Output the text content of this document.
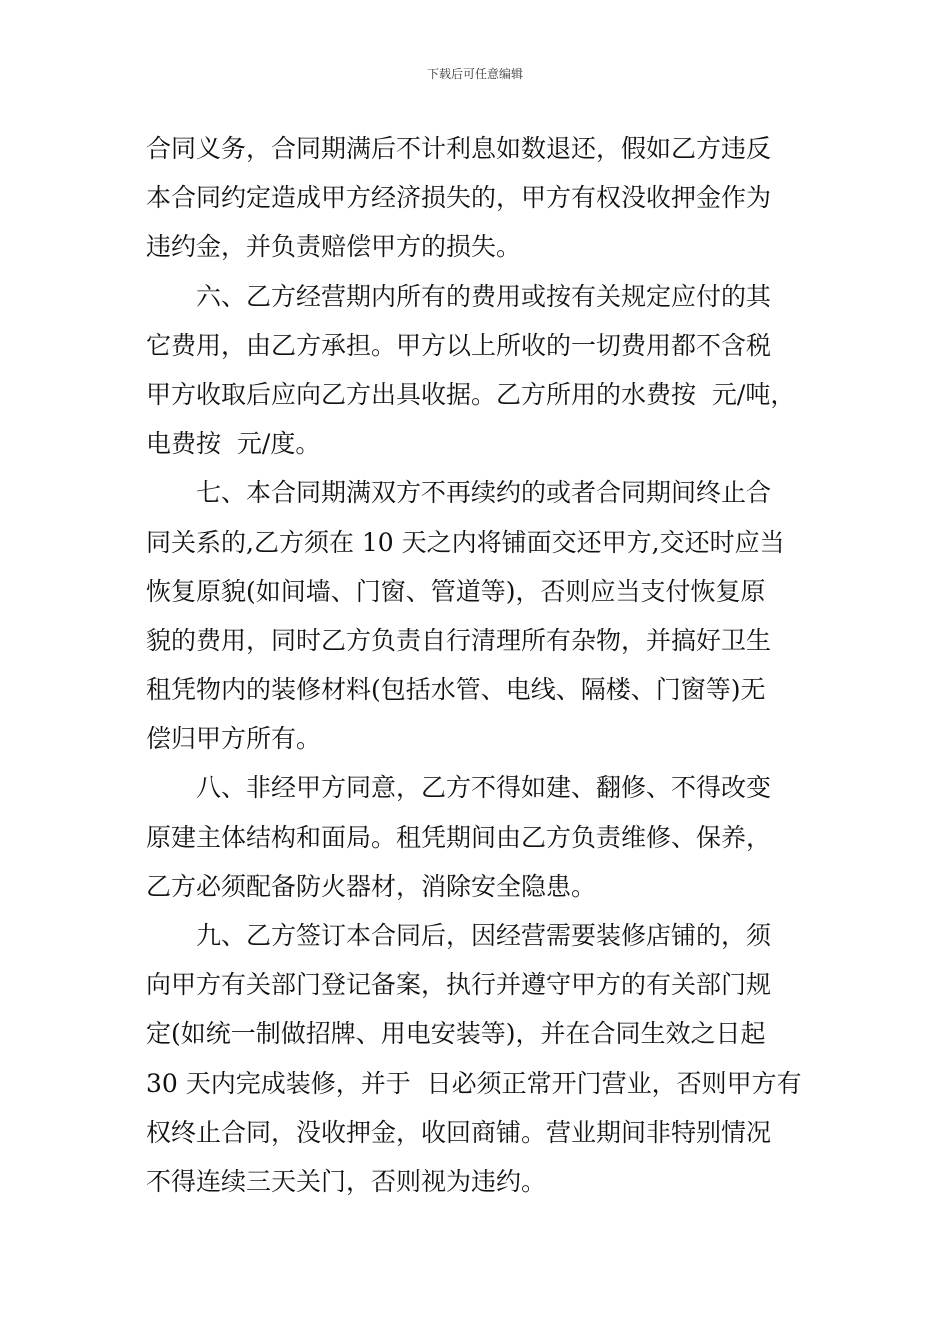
下载后可任意编辑
合同义务，合同期满后不计利息如数退还，假如乙方违反
本合同约定造成甲方经济损失的，甲方有权没收押金作为
违约金，并负责赔偿甲方的损失。
六、乙方经营期内所有的费用或按有关规定应付的其
它费用，由乙方承担。甲方以上所收的一切费用都不含税
甲方收取后应向乙方出具收据。乙方所用的水费按  元/吨，
电费按  元/度。
七、本合同期满双方不再续约的或者合同期间终止合
同关系的,乙方须在 10 天之内将铺面交还甲方,交还时应当
恢复原貌(如间墙、门窗、管道等)，否则应当支付恢复原
貌的费用，同时乙方负责自行清理所有杂物，并搞好卫生
租凭物内的装修材料(包括水管、电线、隔楼、门窗等)无
偿归甲方所有。
八、非经甲方同意，乙方不得如建、翻修、不得改变
原建主体结构和面局。租凭期间由乙方负责维修、保养，
乙方必须配备防火器材，消除安全隐患。
九、乙方签订本合同后，因经营需要装修店铺的，须
向甲方有关部门登记备案，执行并遵守甲方的有关部门规
定(如统一制做招牌、用电安装等)，并在合同生效之日起
30 天内完成装修，并于  日必须正常开门营业，否则甲方有
权终止合同，没收押金，收回商铺。营业期间非特别情况
不得连续三天关门，否则视为违约。
